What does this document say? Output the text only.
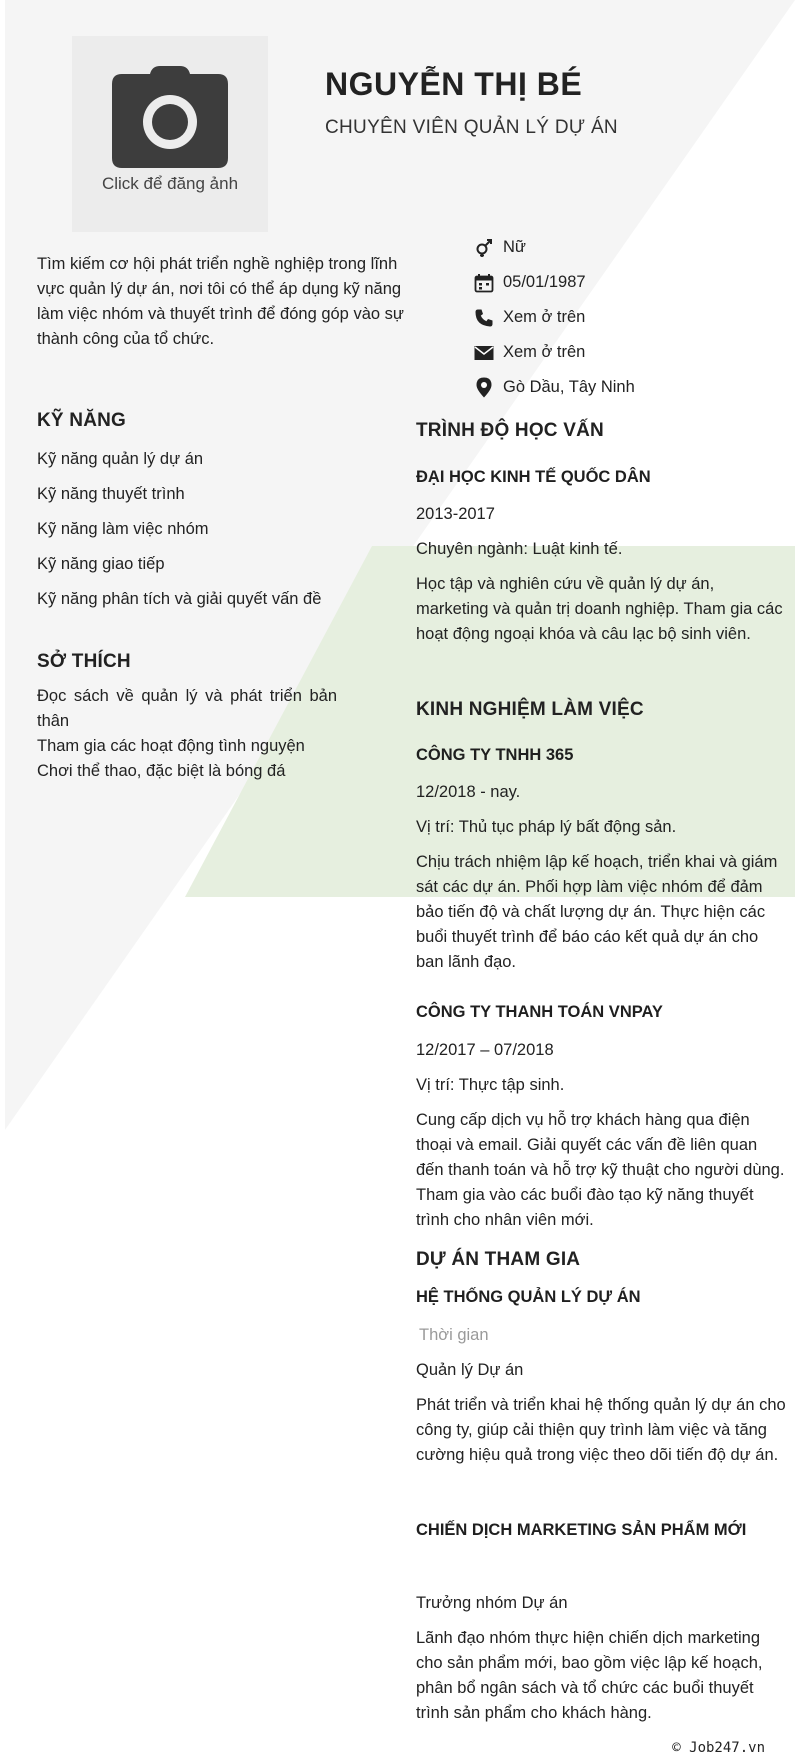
Click để đăng ảnh
NGUYỄN THỊ BÉ
CHUYÊN VIÊN QUẢN LÝ DỰ ÁN
Tìm kiếm cơ hội phát triển nghề nghiệp trong lĩnh vực quản lý dự án, nơi tôi có thể áp dụng kỹ năng làm việc nhóm và thuyết trình để đóng góp vào sự thành công của tổ chức.
Nữ
05/01/1987
Xem ở trên
Xem ở trên
Gò Dầu, Tây Ninh
KỸ NĂNG
Kỹ năng quản lý dự án
Kỹ năng thuyết trình
Kỹ năng làm việc nhóm
Kỹ năng giao tiếp
Kỹ năng phân tích và giải quyết vấn đề
SỞ THÍCH
Đọc sách về quản lý và phát triển bản thân
Tham gia các hoạt động tình nguyện
Chơi thể thao, đặc biệt là bóng đá
TRÌNH ĐỘ HỌC VẤN
ĐẠI HỌC KINH TẾ QUỐC DÂN
2013-2017
Chuyên ngành: Luật kinh tế.
Học tập và nghiên cứu về quản lý dự án, marketing và quản trị doanh nghiệp. Tham gia các hoạt động ngoại khóa và câu lạc bộ sinh viên.
KINH NGHIỆM LÀM VIỆC
CÔNG TY TNHH 365
12/2018 - nay.
Vị trí: Thủ tục pháp lý bất động sản.
Chịu trách nhiệm lập kế hoạch, triển khai và giám sát các dự án. Phối hợp làm việc nhóm để đảm bảo tiến độ và chất lượng dự án. Thực hiện các buổi thuyết trình để báo cáo kết quả dự án cho ban lãnh đạo.
CÔNG TY THANH TOÁN VNPAY
12/2017 – 07/2018
Vị trí: Thực tập sinh.
Cung cấp dịch vụ hỗ trợ khách hàng qua điện thoại và email. Giải quyết các vấn đề liên quan đến thanh toán và hỗ trợ kỹ thuật cho người dùng. Tham gia vào các buổi đào tạo kỹ năng thuyết trình cho nhân viên mới.
DỰ ÁN THAM GIA
HỆ THỐNG QUẢN LÝ DỰ ÁN
Thời gian
Quản lý Dự án
Phát triển và triển khai hệ thống quản lý dự án cho công ty, giúp cải thiện quy trình làm việc và tăng cường hiệu quả trong việc theo dõi tiến độ dự án.
CHIẾN DỊCH MARKETING SẢN PHẨM MỚI
Trưởng nhóm Dự án
Lãnh đạo nhóm thực hiện chiến dịch marketing cho sản phẩm mới, bao gồm việc lập kế hoạch, phân bổ ngân sách và tổ chức các buổi thuyết trình sản phẩm cho khách hàng.
© Job247.vn
